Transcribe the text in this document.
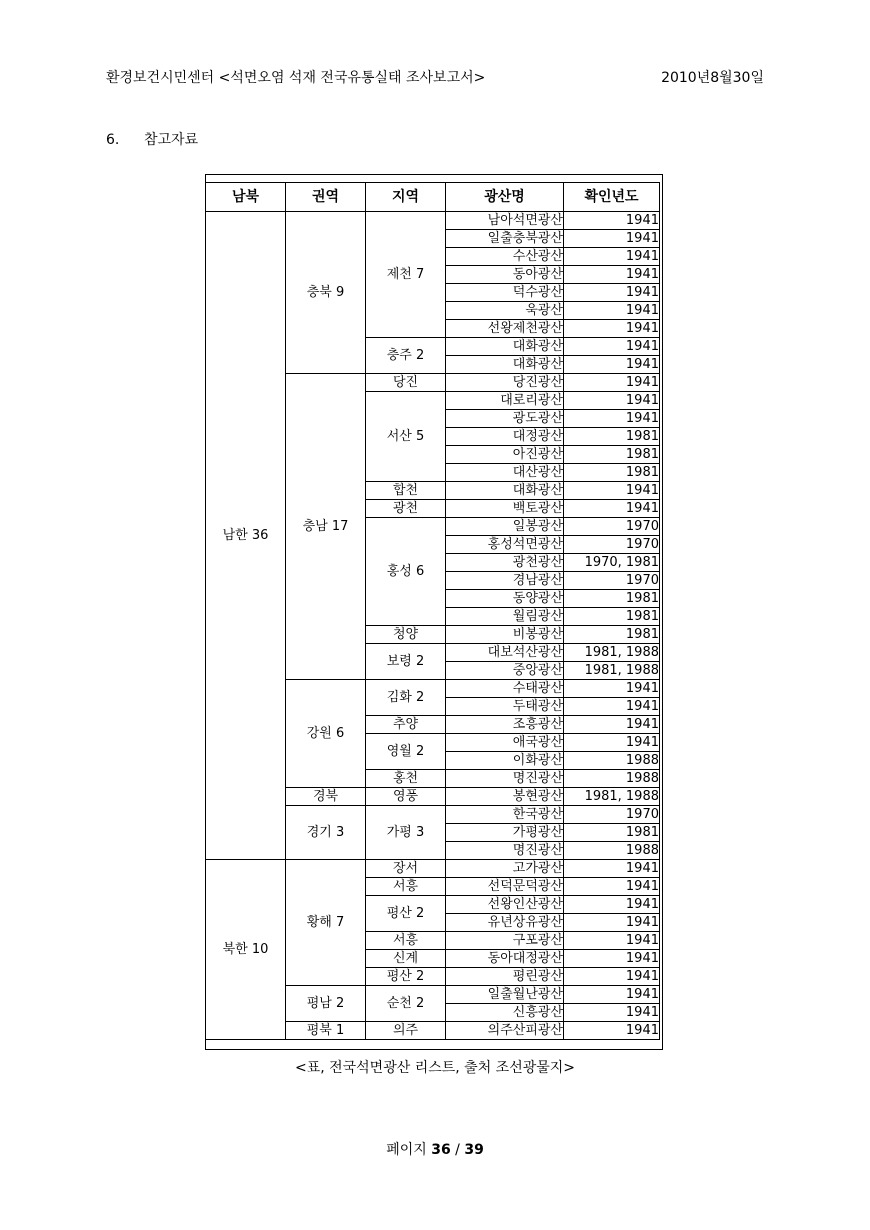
환경보건시민센터 <석면오염 석재 전국유통실태 조사보고서>	2010년8월30일
6. 참고자료
남북	권역	지역	광산명	확인년도
남한 36	충북 9	제천 7	남아석면광산	1941
			일출충북광산	1941
			수산광산	1941
			동아광산	1941
			덕수광산	1941
			욱광산	1941
			선왕제천광산	1941
		충주 2	대화광산	1941
			대화광산	1941
	충남 17	당진	당진광산	1941
		서산 5	대로리광산	1941
			광도광산	1941
			대정광산	1981
			아진광산	1981
			대산광산	1981
		합천	대화광산	1941
		광천	백토광산	1941
		홍성 6	일봉광산	1970
			홍성석면광산	1970
			광천광산	1970, 1981
			경남광산	1970
			동양광산	1981
			월림광산	1981
		청양	비봉광산	1981
		보령 2	대보석산광산	1981, 1988
			중앙광산	1981, 1988
	강원 6	김화 2	수태광산	1941
			두태광산	1941
		추양	조흥광산	1941
		영월 2	애국광산	1941
			이화광산	1988
		홍천	명진광산	1988
	경북	영풍	봉현광산	1981, 1988
	경기 3	가평 3	한국광산	1970
			가평광산	1981
			명진광산	1988
북한 10	황해 7	장서	고가광산	1941
		서흥	선덕문덕광산	1941
		평산 2	선왕인산광산	1941
			유년상유광산	1941
		서흥	구포광산	1941
		신계	동아대정광산	1941
		평산 2	평린광산	1941
	평남 2	순천 2	일출월난광산	1941
			신흥광산	1941
	평북 1	의주	의주산피광산	1941
<표, 전국석면광산 리스트, 출처 조선광물지>
페이지 36 / 39
